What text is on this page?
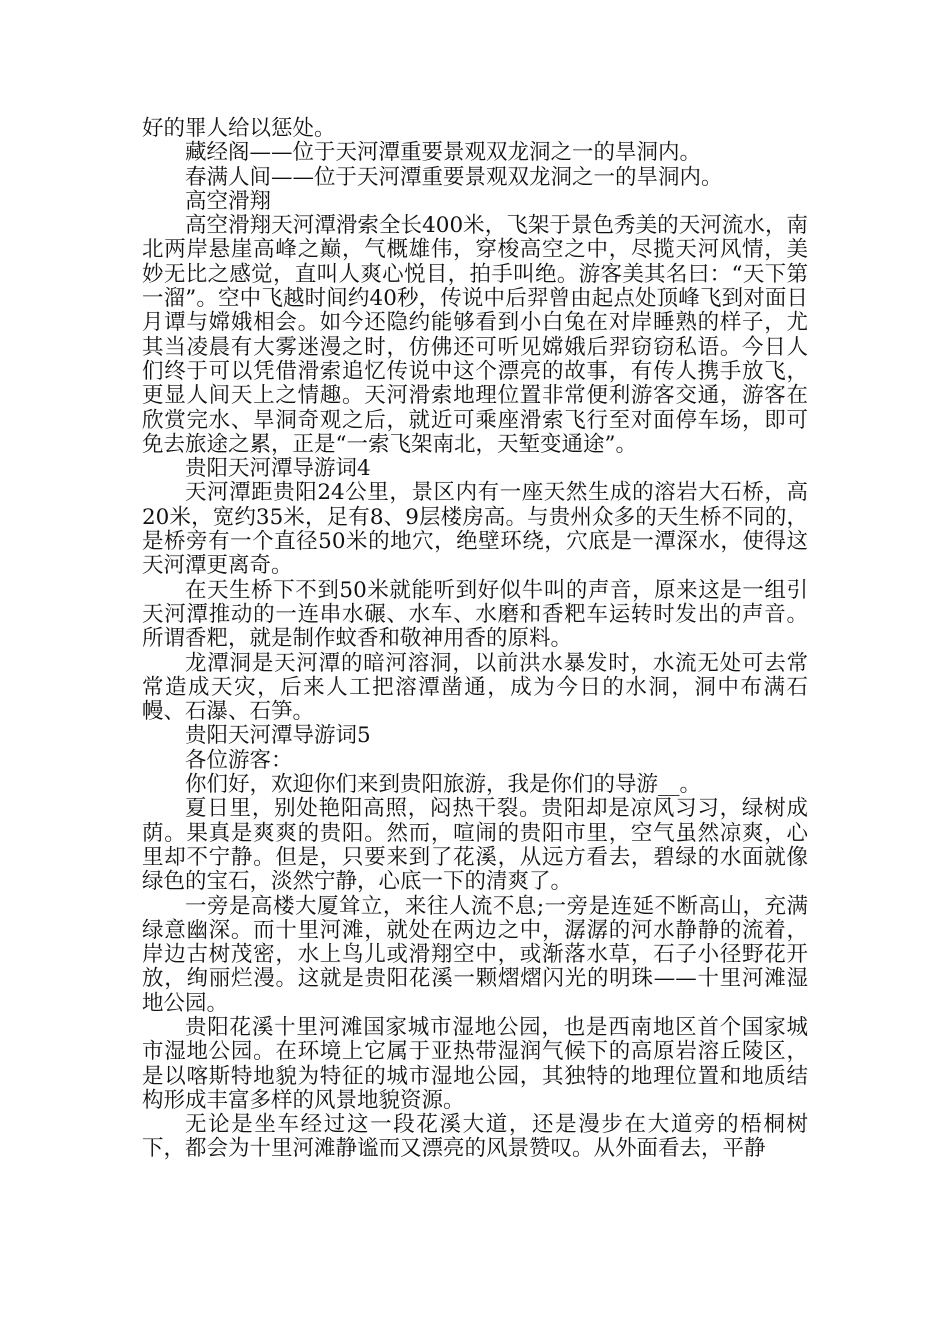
好的罪人给以惩处。

藏经阁——位于天河潭重要景观双龙洞之一的旱洞内。

春满人间——位于天河潭重要景观双龙洞之一的旱洞内。

高空滑翔

高空滑翔天河潭滑索全长400米，飞架于景色秀美的天河流水，南北两岸悬崖高峰之巅，气概雄伟，穿梭高空之中，尽揽天河风情，美妙无比之感觉，直叫人爽心悦目，拍手叫绝。游客美其名曰：“天下第一溜”。空中飞越时间约40秒，传说中后羿曾由起点处顶峰飞到对面日月谭与嫦娥相会。如今还隐约能够看到小白兔在对岸睡熟的样子，尤其当凌晨有大雾迷漫之时，仿佛还可听见嫦娥后羿窃窃私语。今日人们终于可以凭借滑索追忆传说中这个漂亮的故事，有传人携手放飞，更显人间天上之情趣。天河滑索地理位置非常便利游客交通，游客在欣赏完水、旱洞奇观之后，就近可乘座滑索飞行至对面停车场，即可免去旅途之累，正是“一索飞架南北，天堑变通途”。

贵阳天河潭导游词4

天河潭距贵阳24公里，景区内有一座天然生成的溶岩大石桥，高20米，宽约35米，足有8、9层楼房高。与贵州众多的天生桥不同的，是桥旁有一个直径50米的地穴，绝壁环绕，穴底是一潭深水，使得这天河潭更离奇。

在天生桥下不到50米就能听到好似牛叫的声音，原来这是一组引天河潭推动的一连串水碾、水车、水磨和香粑车运转时发出的声音。所谓香粑，就是制作蚊香和敬神用香的原料。

龙潭洞是天河潭的暗河溶洞，以前洪水暴发时，水流无处可去常常造成天灾，后来人工把溶潭凿通，成为今日的水洞，洞中布满石幔、石瀑、石笋。

贵阳天河潭导游词5

各位游客：

你们好，欢迎你们来到贵阳旅游，我是你们的导游__。

夏日里，别处艳阳高照，闷热干裂。贵阳却是凉风习习，绿树成荫。果真是爽爽的贵阳。然而，喧闹的贵阳市里，空气虽然凉爽，心里却不宁静。但是，只要来到了花溪，从远方看去，碧绿的水面就像绿色的宝石，淡然宁静，心底一下的清爽了。

一旁是高楼大厦耸立，来往人流不息;一旁是连延不断高山，充满绿意幽深。而十里河滩，就处在两边之中，潺潺的河水静静的流着，岸边古树茂密，水上鸟儿或滑翔空中，或渐落水草，石子小径野花开放，绚丽烂漫。这就是贵阳花溪一颗熠熠闪光的明珠——十里河滩湿地公园。

贵阳花溪十里河滩国家城市湿地公园，也是西南地区首个国家城市湿地公园。在环境上它属于亚热带湿润气候下的高原岩溶丘陵区，是以喀斯特地貌为特征的城市湿地公园，其独特的地理位置和地质结构形成丰富多样的风景地貌资源。

无论是坐车经过这一段花溪大道，还是漫步在大道旁的梧桐树下，都会为十里河滩静谧而又漂亮的风景赞叹。从外面看去，平静
